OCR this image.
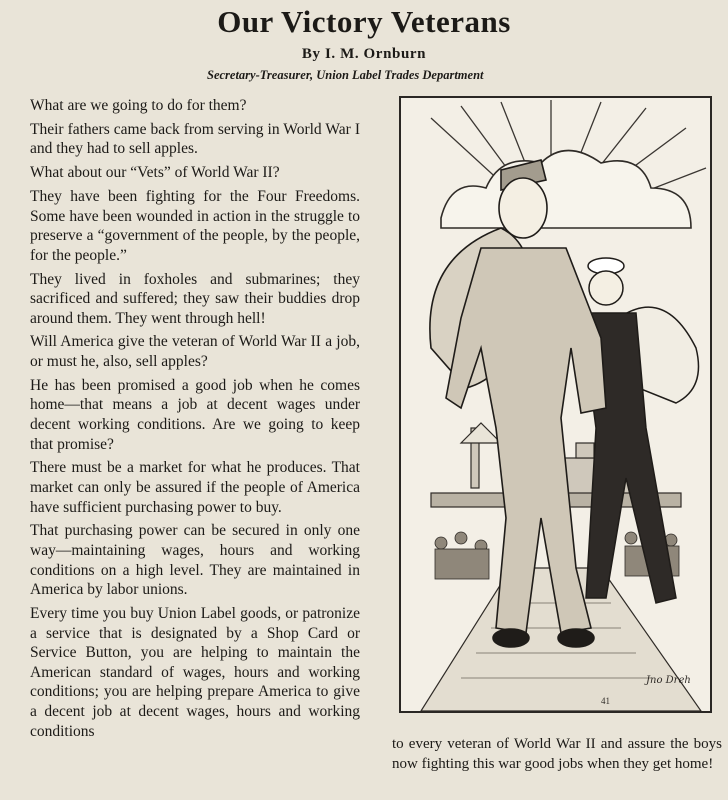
Our Victory Veterans
By I. M. Ornburn
Secretary-Treasurer, Union Label Trades Department

What are we going to do for them?

Their fathers came back from serving in World War I and they had to sell apples.

What about our “Vets” of World War II?

They have been fighting for the Four Freedoms. Some have been wounded in action in the struggle to preserve a “government of the people, by the people, for the people.”

They lived in foxholes and submarines; they sacrificed and suffered; they saw their buddies drop around them. They went through hell!

Will America give the veteran of World War II a job, or must he, also, sell apples?

He has been promised a good job when he comes home—that means a job at decent wages under decent working conditions. Are we going to keep that promise?

There must be a market for what he produces. That market can only be assured if the people of America have sufficient purchasing power to buy.

That purchasing power can be secured in only one way—maintaining wages, hours and working conditions on a high level. They are maintained in America by labor unions.

Every time you buy Union Label goods, or patronize a service that is designated by a Shop Card or Service Button, you are helping to maintain the American standard of wages, hours and working conditions; you are helping prepare America to give a decent job at decent wages, hours and working conditions

Jno Dreh
41
to every veteran of World War II and assure the boys now fighting this war good jobs when they get home!
